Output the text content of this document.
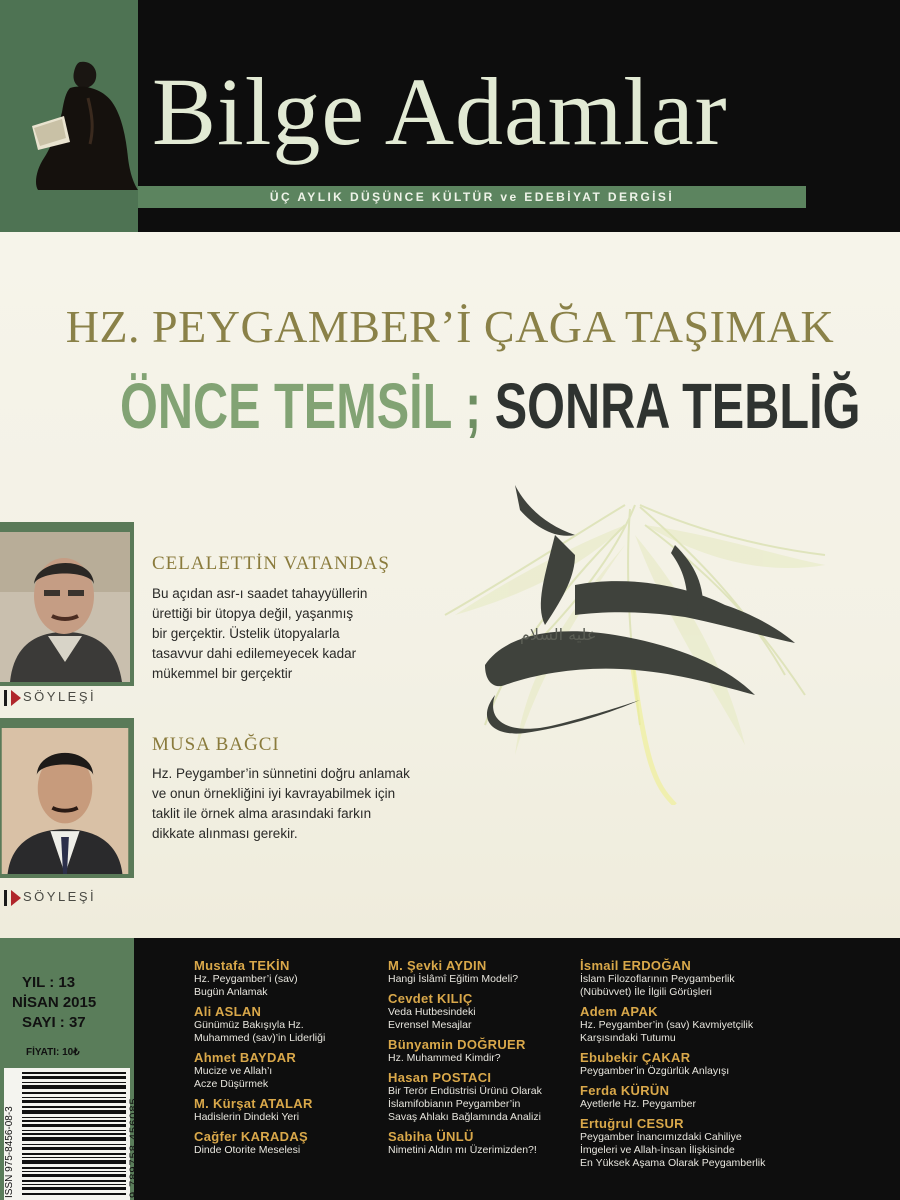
Bilge Adamlar
ÜÇ AYLIK DÜŞÜNCE KÜLTÜR ve EDEBİYAT DERGİSİ
HZ. PEYGAMBER’İ ÇAĞA TAŞIMAK
ÖNCE TEMSİL ; SONRA TEBLİĞ
عليه السلام
SÖYLEŞİ
CELALETTİN VATANDAŞ
Bu açıdan asr-ı saadet tahayyüllerin
ürettiği bir ütopya değil, yaşanmış
bir gerçektir. Üstelik ütopyalarla
tasavvur dahi edilemeyecek kadar
mükemmel bir gerçektir
SÖYLEŞİ
MUSA BAĞCI
Hz. Peygamber’in sünnetini doğru anlamak
ve onun örnekliğini iyi kavrayabilmek için
taklit ile örnek alma arasındaki farkın
dikkate alınması gerekir.
YIL : 13
NİSAN 2015
SAYI : 37
FİYATI: 10₺
ISSN 975-8456-08-3	9 789758 456085
Mustafa TEKİN
Hz. Peygamber’i (sav)
Bugün Anlamak
Ali ASLAN
Günümüz Bakışıyla Hz.
Muhammed (sav)’in Liderliği
Ahmet BAYDAR
Mucize ve Allah’ı
Acze Düşürmek
M. Kürşat ATALAR
Hadislerin Dindeki Yeri
Cağfer KARADAŞ
Dinde Otorite Meselesi
M. Şevki AYDIN
Hangi İslâmî Eğitim Modeli?
Cevdet KILIÇ
Veda Hutbesindeki
Evrensel Mesajlar
Bünyamin DOĞRUER
Hz. Muhammed Kimdir?
Hasan POSTACI
Bir Terör Endüstrisi Ürünü Olarak
İslamifobianın Peygamber’in
Savaş Ahlakı Bağlamında Analizi
Sabiha ÜNLÜ
Nimetini Aldın mı Üzerimizden?!
İsmail ERDOĞAN
İslam Filozoflarının Peygamberlik
(Nübüvvet) İle İlgili Görüşleri
Adem APAK
Hz. Peygamber’in (sav) Kavmiyetçilik
Karşısındaki Tutumu
Ebubekir ÇAKAR
Peygamber’in Özgürlük Anlayışı
Ferda KÜRÜN
Ayetlerle Hz. Peygamber
Ertuğrul CESUR
Peygamber İnancımızdaki Cahiliye
İmgeleri ve Allah-İnsan İlişkisinde
En Yüksek Aşama Olarak Peygamberlik
